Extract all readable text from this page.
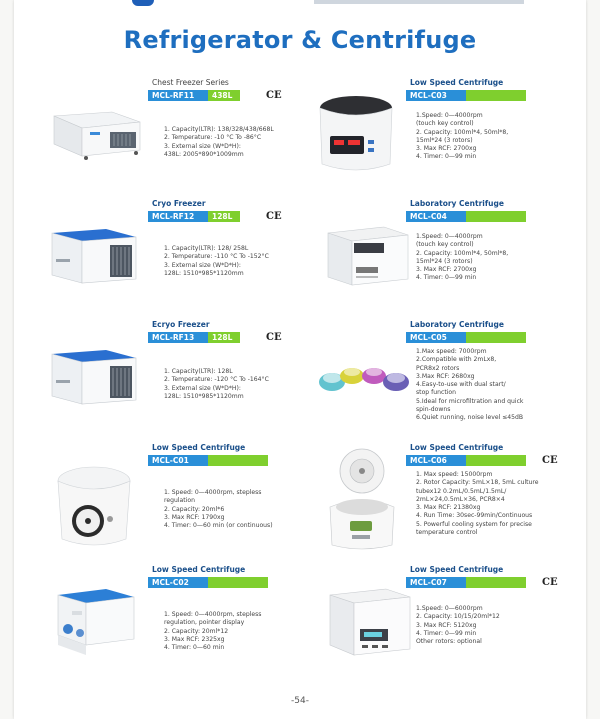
Refrigerator & Centrifuge
Chest Freezer Series
MCL-RF11	438L	CE
1. Capacity(LTR): 138/328/438/668L
2. Temperature: -10 °C To -86°C
3. External size (W*D*H):
438L: 2005*890*1009mm
Cryo Freezer
MCL-RF12	128L	CE
1. Capacity(LTR): 128/ 258L
2. Temperature: -110 °C To -152°C
3. External size (W*D*H):
128L: 1510*985*1120mm
Ecryo Freezer
MCL-RF13	128L	CE
1. Capacity(LTR): 128L
2. Temperature: -120 °C To -164°C
3. External size (W*D*H):
128L: 1510*985*1120mm
Low Speed Centrifuge
MCL-C01
1. Speed: 0—4000rpm, stepless
regulation
2. Capacity: 20ml*6
3. Max RCF: 1790xg
4. Timer: 0—60 min (or continuous)
Low Speed Centrifuge
MCL-C02
1. Speed: 0—4000rpm, stepless
regulation, pointer display
2. Capacity: 20ml*12
3. Max RCF: 2325xg
4. Timer: 0—60 min
Low Speed Centrifuge
MCL-C03
1.Speed: 0—4000rpm
(touch key control)
2. Capacity: 100ml*4, 50ml*8,
15ml*24 (3 rotors)
3. Max RCF: 2700xg
4. Timer: 0—99 min
Laboratory Centrifuge
MCL-C04
1.Speed: 0—4000rpm
(touch key control)
2. Capacity: 100ml*4, 50ml*8,
15ml*24 (3 rotors)
3. Max RCF: 2700xg
4. Timer: 0—99 min
Laboratory Centrifuge
MCL-C05
1.Max speed: 7000rpm
2.Compatible with 2mLx8,
PCR8x2 rotors
3.Max RCF: 2680xg
4.Easy-to-use with dual start/
stop function
5.Ideal for microfiltration and quick
spin-downs
6.Quiet running, noise level ≤45dB
Low Speed Centrifuge
MCL-C06	CE
1. Max speed: 15000rpm
2. Rotor Capacity: 5mL×18, 5mL culture
tubex12 0.2mL/0.5mL/1.5mL/
2mL×24,0.5mL×36, PCR8×4
3. Max RCF: 21380xg
4. Run Time: 30sec-99min/Continuous
5. Powerful cooling system for precise
temperature control
Low Speed Centrifuge
MCL-C07	CE
1.Speed: 0—6000rpm
2. Capacity: 10/15/20ml*12
3. Max RCF: 5120xg
4. Timer: 0—99 min
Other rotors: optional
-54-
